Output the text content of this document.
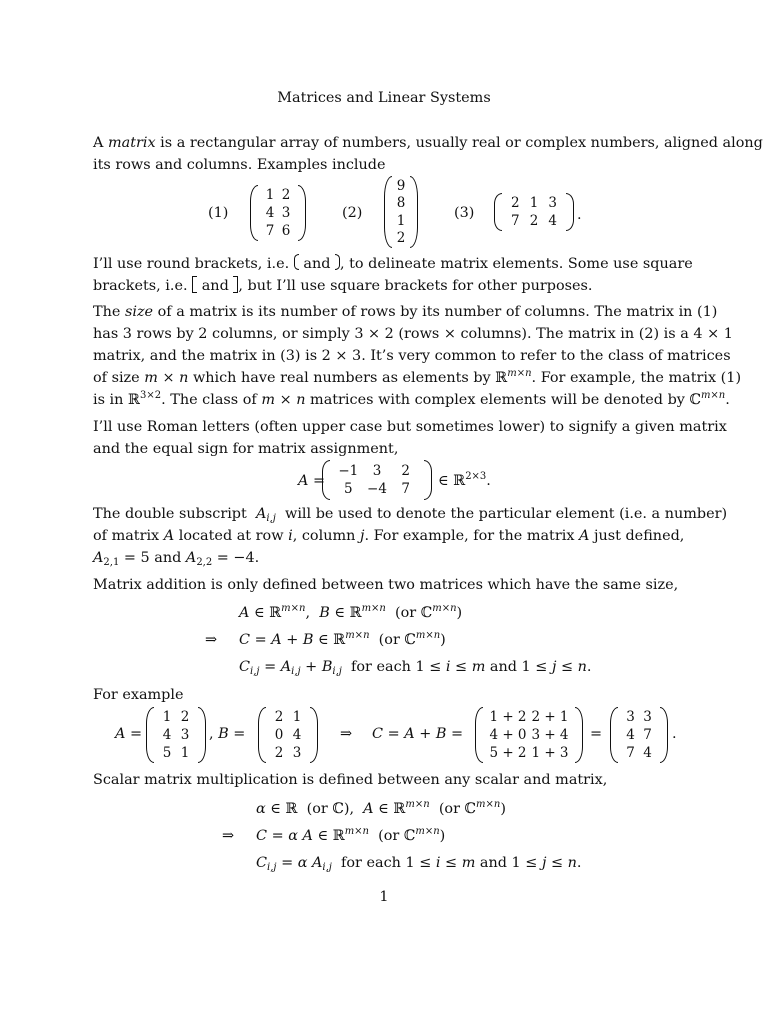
Matrices and Linear Systems
A matrix is a rectangular array of numbers, usually real or complex numbers, aligned along
its rows and columns. Examples include
(1)
1 2
4 3
7 6
(2)
9
8
1
2
(3)
2 1 3
7 2 4	.
I’ll use round brackets, i.e. and , to delineate matrix elements. Some use square
brackets, i.e. and , but I’ll use square brackets for other purposes.
The size of a matrix is its number of rows by its number of columns. The matrix in (1)
has 3 rows by 2 columns, or simply 3 × 2 (rows × columns). The matrix in (2) is a 4 × 1
matrix, and the matrix in (3) is 2 × 3. It’s very common to refer to the class of matrices
of size m × n which have real numbers as elements by ℝ$^{m\times n}$. For example, the matrix (1)
is in ℝ$^{3\times 2}$. The class of m × n matrices with complex elements will be denoted by ℂ$^{m\times n}$.
I’ll use Roman letters (often upper case but sometimes lower) to signify a given matrix
and the equal sign for matrix assignment,
A =
−1	3	2
5	−4	7
∈ ℝ$^{2\times 3}$.
The double subscript $A_{i,j}$ will be used to denote the particular element (i.e. a number)
of matrix A located at row i, column j. For example, for the matrix A just defined,
$A_{2,1} = 5$ and $A_{2,2} = -4$.
Matrix addition is only defined between two matrices which have the same size,
A ∈ ℝ$^{m\times n}$,  B ∈ ℝ$^{m\times n}$ (or ℂ$^{m\times n}$)
⇒ C = A + B ∈ ℝ$^{m\times n}$ (or ℂ$^{m\times n}$)
$C_{i,j} = A_{i,j} + B_{i,j}$ for each 1 ≤ i ≤ m and 1 ≤ j ≤ n.
For example
A =
1 2
4 3
5 1
, B =
2 1
0 4
2 3
⇒ C = A + B =
1 + 2 2 + 1
4 + 0 3 + 4
5 + 2 1 + 3
=
3 3
4 7
7 4
.
Scalar matrix multiplication is defined between any scalar and matrix,
α ∈ ℝ  (or ℂ), A ∈ ℝ$^{m\times n}$ (or ℂ$^{m\times n}$)
⇒ C = α A ∈ ℝ$^{m\times n}$ (or ℂ$^{m\times n}$)
$C_{i,j} = \alpha$ $A_{i,j}$ for each 1 ≤ i ≤ m and 1 ≤ j ≤ n.
1
